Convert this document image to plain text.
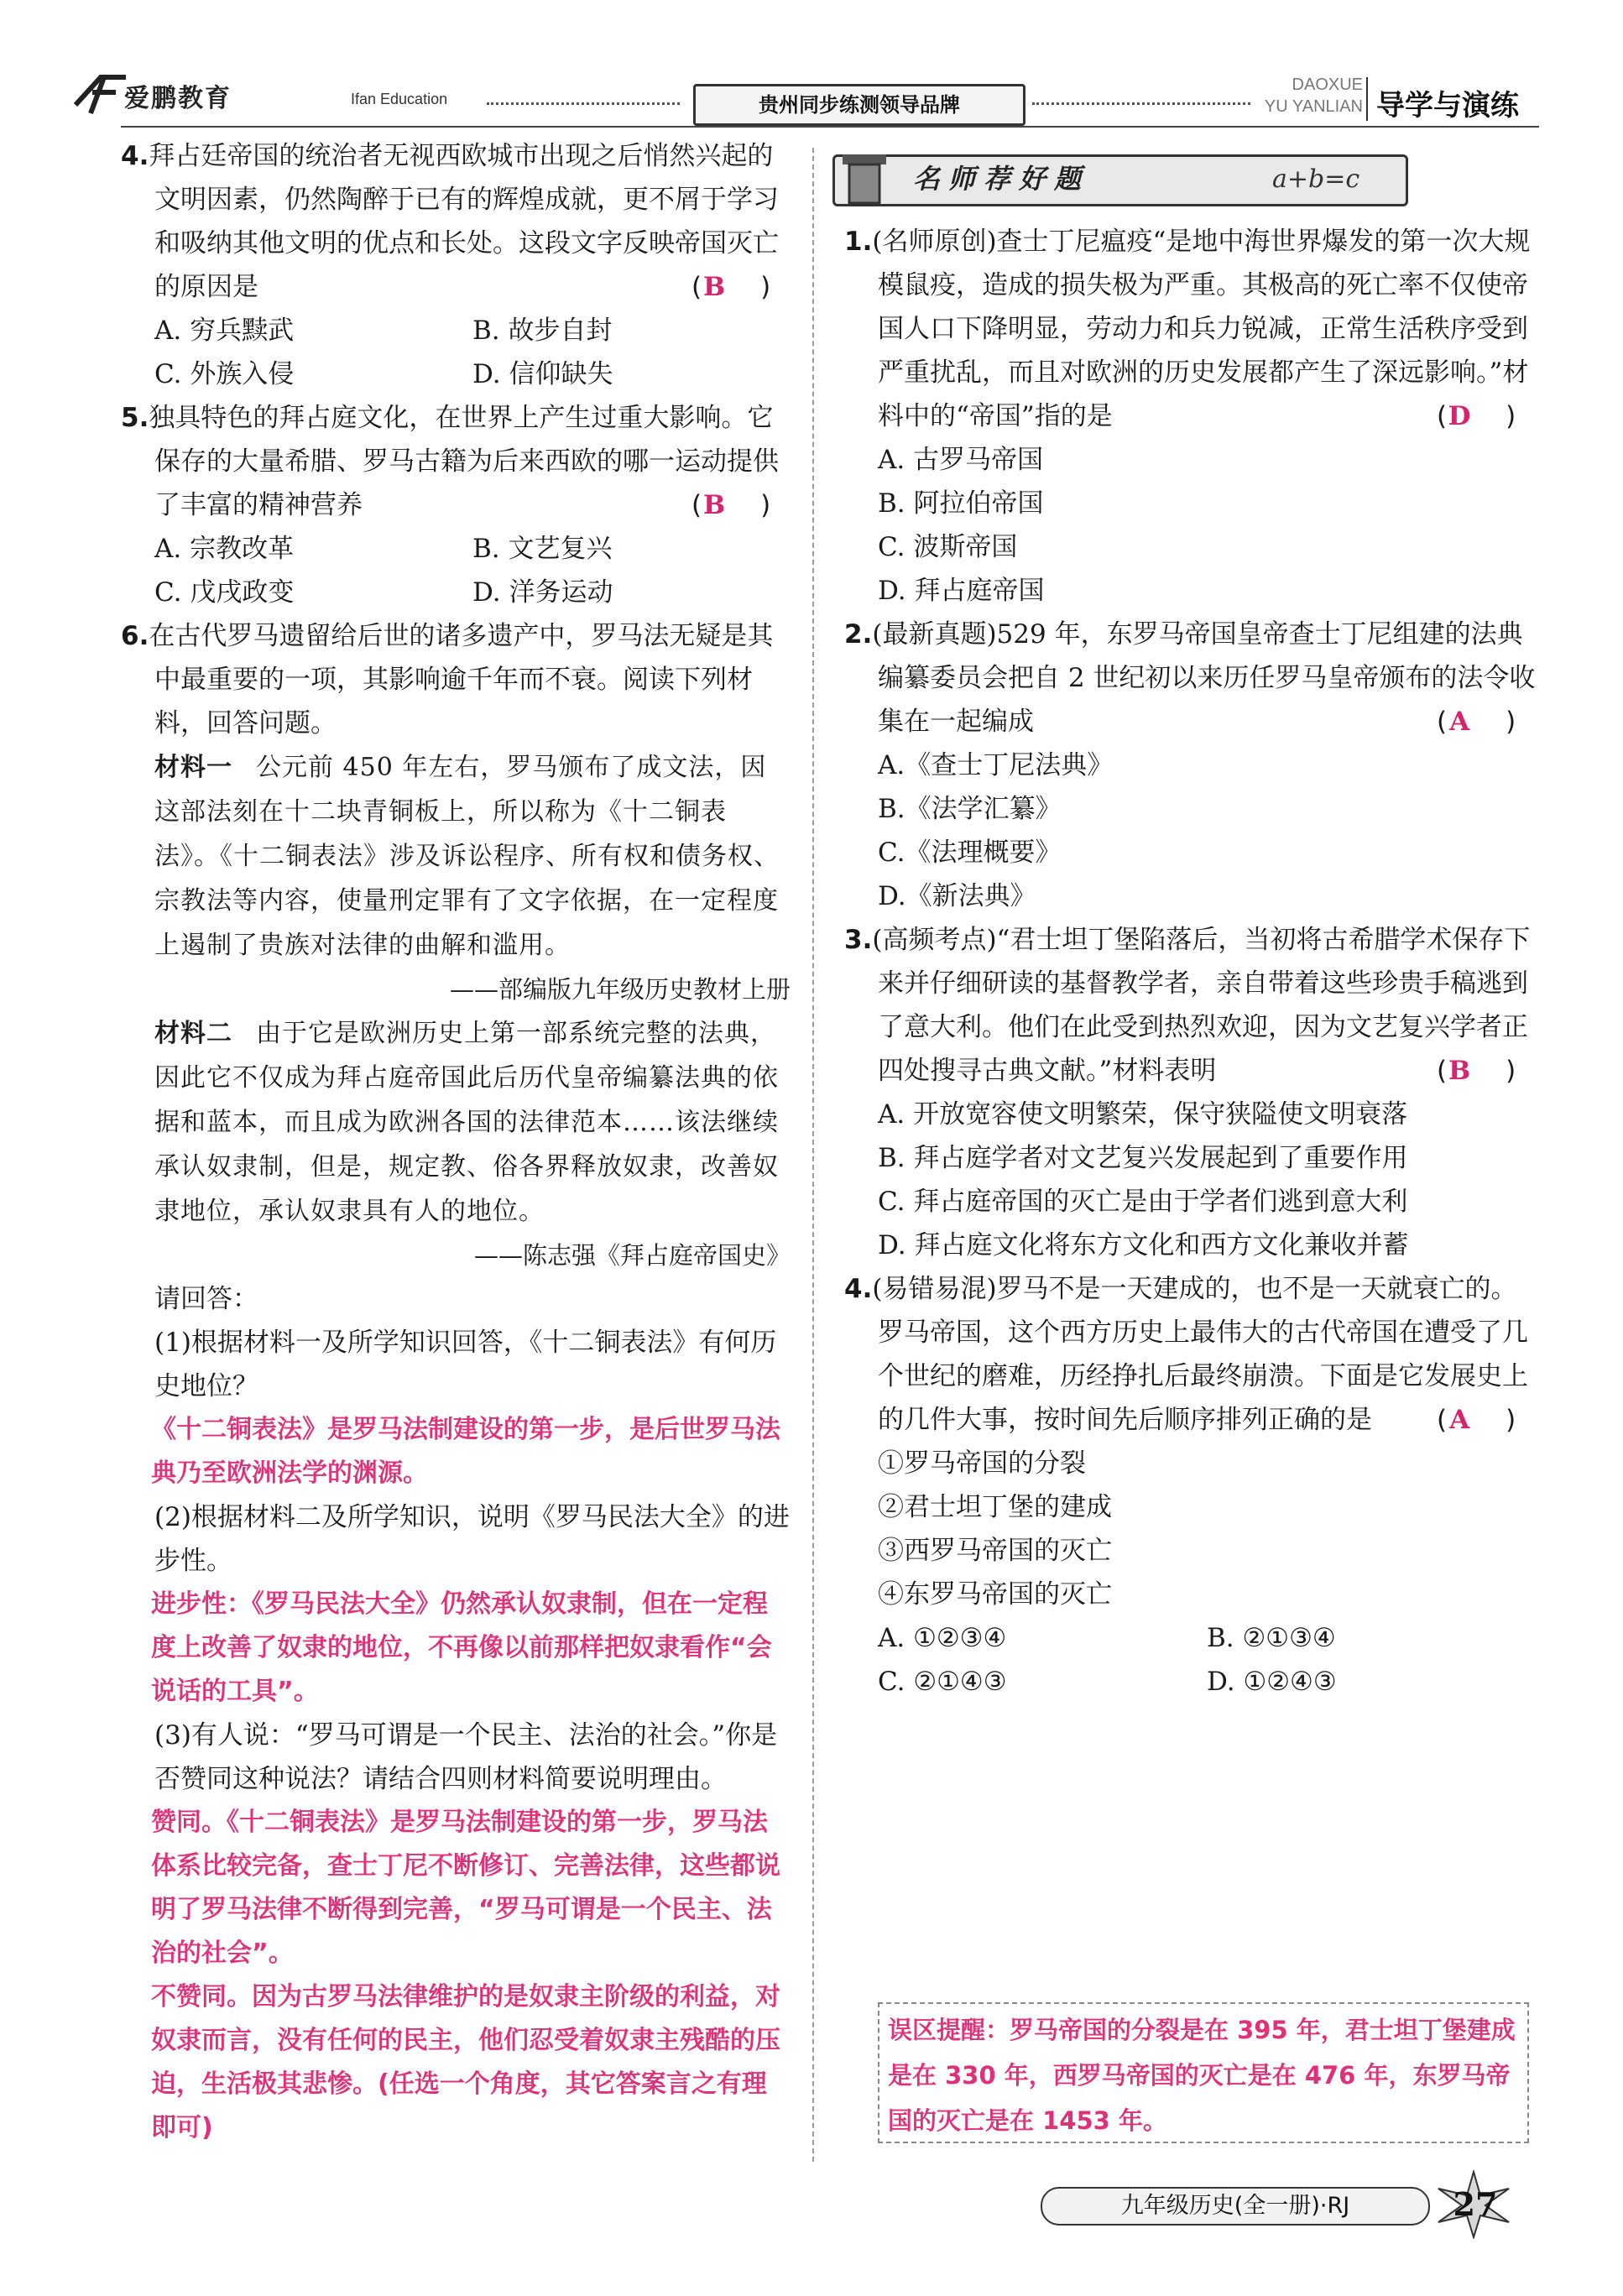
爱鹏教育	Ifan Education	贵州同步练测领导品牌
DAOXUE
YU YANLIAN 导学与演练

4.拜占廷帝国的统治者无视西欧城市出现之后悄然兴起的文明因素，仍然陶醉于已有的辉煌成就，更不屑于学习和吸纳其他文明的优点和长处。这段文字反映帝国灭亡的原因是	(B )

A. 穷兵黩武	B. 故步自封
C. 外族入侵	D. 信仰缺失

5.独具特色的拜占庭文化，在世界上产生过重大影响。它保存的大量希腊、罗马古籍为后来西欧的哪一运动提供了丰富的精神营养	(B )

A. 宗教改革	B. 文艺复兴
C. 戊戌政变	D. 洋务运动

6.在古代罗马遗留给后世的诸多遗产中，罗马法无疑是其中最重要的一项，其影响逾千年而不衰。阅读下列材料，回答问题。

材料一 公元前 450 年左右，罗马颁布了成文法，因这部法刻在十二块青铜板上，所以称为《十二铜表法》。《十二铜表法》涉及诉讼程序、所有权和债务权、宗教法等内容，使量刑定罪有了文字依据，在一定程度上遏制了贵族对法律的曲解和滥用。
——部编版九年级历史教材上册
材料二 由于它是欧洲历史上第一部系统完整的法典，因此它不仅成为拜占庭帝国此后历代皇帝编纂法典的依据和蓝本，而且成为欧洲各国的法律范本……该法继续承认奴隶制，但是，规定教、俗各界释放奴隶，改善奴隶地位，承认奴隶具有人的地位。
——陈志强《拜占庭帝国史》
请回答：
(1)根据材料一及所学知识回答，《十二铜表法》有何历史地位？
《十二铜表法》是罗马法制建设的第一步，是后世罗马法典乃至欧洲法学的渊源。
(2)根据材料二及所学知识，说明《罗马民法大全》的进步性。
进步性：《罗马民法大全》仍然承认奴隶制，但在一定程度上改善了奴隶的地位，不再像以前那样把奴隶看作“会说话的工具”。
(3)有人说：“罗马可谓是一个民主、法治的社会。”你是否赞同这种说法？请结合四则材料简要说明理由。
赞同。《十二铜表法》是罗马法制建设的第一步，罗马法体系比较完备，查士丁尼不断修订、完善法律，这些都说明了罗马法律不断得到完善，“罗马可谓是一个民主、法治的社会”。
不赞同。因为古罗马法律维护的是奴隶主阶级的利益，对奴隶而言，没有任何的民主，他们忍受着奴隶主残酷的压迫，生活极其悲惨。(任选一个角度，其它答案言之有理即可)
名师荐好题	a+b=c

1.(名师原创)查士丁尼瘟疫“是地中海世界爆发的第一次大规模鼠疫，造成的损失极为严重。其极高的死亡率不仅使帝国人口下降明显，劳动力和兵力锐减，正常生活秩序受到严重扰乱，而且对欧洲的历史发展都产生了深远影响。”材料中的“帝国”指的是	(D )

A. 古罗马帝国
B. 阿拉伯帝国
C. 波斯帝国
D. 拜占庭帝国

2.(最新真题)529 年，东罗马帝国皇帝查士丁尼组建的法典编纂委员会把自 2 世纪初以来历任罗马皇帝颁布的法令收集在一起编成	(A )

A.《查士丁尼法典》
B.《法学汇纂》
C.《法理概要》
D.《新法典》

3.(高频考点)“君士坦丁堡陷落后，当初将古希腊学术保存下来并仔细研读的基督教学者，亲自带着这些珍贵手稿逃到了意大利。他们在此受到热烈欢迎，因为文艺复兴学者正四处搜寻古典文献。”材料表明	(B )

A. 开放宽容使文明繁荣，保守狭隘使文明衰落
B. 拜占庭学者对文艺复兴发展起到了重要作用
C. 拜占庭帝国的灭亡是由于学者们逃到意大利
D. 拜占庭文化将东方文化和西方文化兼收并蓄

4.(易错易混)罗马不是一天建成的，也不是一天就衰亡的。罗马帝国，这个西方历史上最伟大的古代帝国在遭受了几个世纪的磨难，历经挣扎后最终崩溃。下面是它发展史上的几件大事，按时间先后顺序排列正确的是 (A )

①罗马帝国的分裂
②君士坦丁堡的建成
③西罗马帝国的灭亡
④东罗马帝国的灭亡
A. ①②③④	B. ②①③④
C. ②①④③	D. ①②④③
误区提醒：罗马帝国的分裂是在 395 年，君士坦丁堡建成是在 330 年，西罗马帝国的灭亡是在 476 年，东罗马帝国的灭亡是在 1453 年。
九年级历史(全一册)·RJ	27
